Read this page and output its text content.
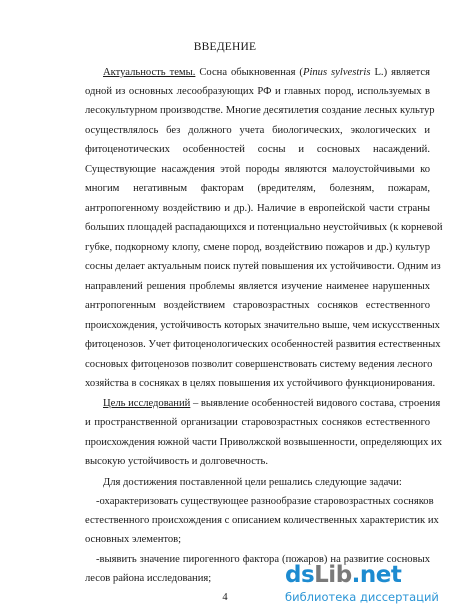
ВВЕДЕНИЕ
Актуальность темы. Сосна обыкновенная (Pinus sylvestris L.) является
одной из основных лесообразующих РФ и главных пород, используемых в
лесокультурном производстве. Многие десятилетия создание лесных культур
осуществлялось без должного учета биологических, экологических и
фитоценотических особенностей сосны и сосновых насаждений.
Существующие насаждения этой породы являются малоустойчивыми ко
многим негативным факторам (вредителям, болезням, пожарам,
антропогенному воздействию и др.). Наличие в европейской части страны
больших площадей распадающихся и потенциально неустойчивых (к корневой
губке, подкорному клопу, смене пород, воздействию пожаров и др.) культур
сосны делает актуальным поиск путей повышения их устойчивости. Одним из
направлений решения проблемы является изучение наименее нарушенных
антропогенным воздействием старовозрастных сосняков естественного
происхождения, устойчивость которых значительно выше, чем искусственных
фитоценозов. Учет фитоценологических особенностей развития естественных
сосновых фитоценозов позволит совершенствовать систему ведения лесного
хозяйства в сосняках в целях повышения их устойчивого функционирования.
Цель исследований – выявление особенностей видового состава, строения
и пространственной организации старовозрастных сосняков естественного
происхождения южной части Приволжской возвышенности, определяющих их
высокую устойчивость и долговечность.
Для достижения поставленной цели решались следующие задачи:
-охарактеризовать существующее разнообразие старовозрастных сосняков
естественного происхождения с описанием количественных характеристик их
основных элементов;
-выявить значение пирогенного фактора (пожаров) на развитие сосновых
лесов района исследования;
4
dsLib.net
библиотека диссертаций
